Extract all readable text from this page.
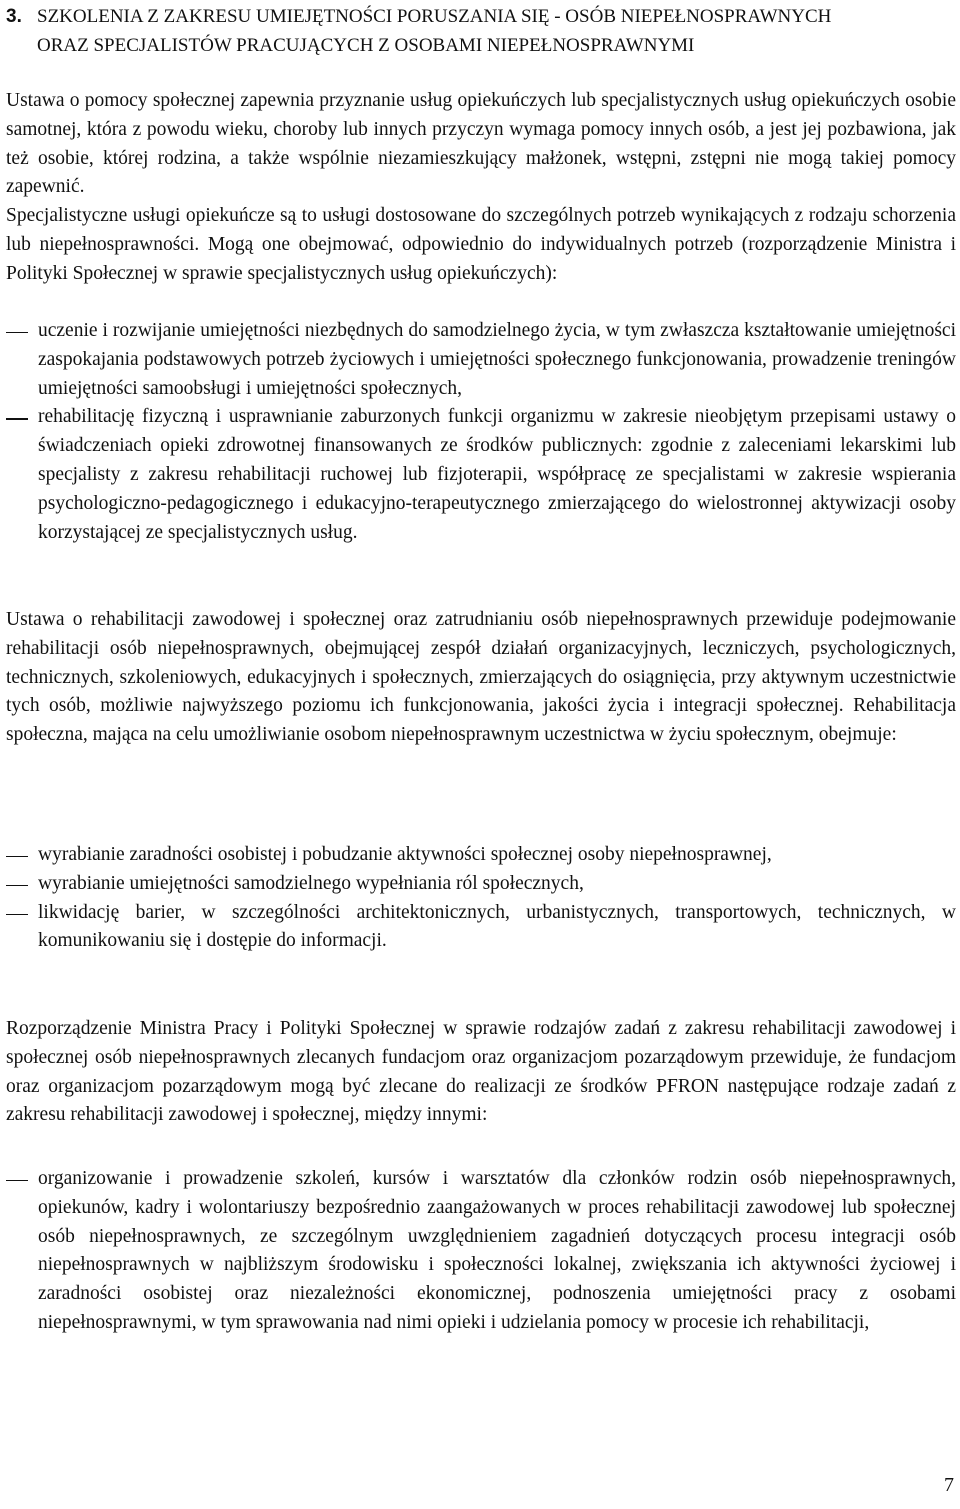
3. SZKOLENIA Z ZAKRESU UMIEJĘTNOŚCI PORUSZANIA SIĘ - OSÓB NIEPEŁNOSPRAWNYCH
ORAZ SPECJALISTÓW PRACUJĄCYCH Z OSOBAMI NIEPEŁNOSPRAWNYMI
Ustawa o pomocy społecznej zapewnia przyznanie usług opiekuńczych lub specjalistycznych usług opiekuńczych osobie samotnej, która z powodu wieku, choroby lub innych przyczyn wymaga pomocy innych osób, a jest jej pozbawiona, jak też osobie, której rodzina, a także wspólnie niezamieszkujący małżonek, wstępni, zstępni nie mogą takiej pomocy zapewnić.
Specjalistyczne usługi opiekuńcze są to usługi dostosowane do szczególnych potrzeb wynikających z rodzaju schorzenia lub niepełnosprawności. Mogą one obejmować, odpowiednio do indywidualnych potrzeb (rozporządzenie Ministra i Polityki Społecznej w sprawie specjalistycznych usług opiekuńczych):
uczenie i rozwijanie umiejętności niezbędnych do samodzielnego życia, w tym zwłaszcza kształtowanie umiejętności zaspokajania podstawowych potrzeb życiowych i umiejętności społecznego funkcjonowania, prowadzenie treningów umiejętności samoobsługi i umiejętności społecznych,
rehabilitację fizyczną i usprawnianie zaburzonych funkcji organizmu w zakresie nieobjętym przepisami ustawy o świadczeniach opieki zdrowotnej finansowanych ze środków publicznych: zgodnie z zaleceniami lekarskimi lub specjalisty z zakresu rehabilitacji ruchowej lub fizjoterapii, współpracę ze specjalistami w zakresie wspierania psychologiczno-pedagogicznego i edukacyjno-terapeutycznego zmierzającego do wielostronnej aktywizacji osoby korzystającej ze specjalistycznych usług.
Ustawa o rehabilitacji zawodowej i społecznej oraz zatrudnianiu osób niepełnosprawnych przewiduje podejmowanie rehabilitacji osób niepełnosprawnych, obejmującej zespół działań organizacyjnych, leczniczych, psychologicznych, technicznych, szkoleniowych, edukacyjnych i społecznych, zmierzających do osiągnięcia, przy aktywnym uczestnictwie tych osób, możliwie najwyższego poziomu ich funkcjonowania, jakości życia i integracji społecznej. Rehabilitacja społeczna, mająca na celu umożliwianie osobom niepełnosprawnym uczestnictwa w życiu społecznym, obejmuje:
wyrabianie zaradności osobistej i pobudzanie aktywności społecznej osoby niepełnosprawnej,
wyrabianie umiejętności samodzielnego wypełniania ról społecznych,
likwidację barier, w szczególności architektonicznych, urbanistycznych, transportowych, technicznych, w komunikowaniu się i dostępie do informacji.
Rozporządzenie Ministra Pracy i Polityki Społecznej w sprawie rodzajów zadań z zakresu rehabilitacji zawodowej i społecznej osób niepełnosprawnych zlecanych fundacjom oraz organizacjom pozarządowym przewiduje, że fundacjom oraz organizacjom pozarządowym mogą być zlecane do realizacji ze środków PFRON następujące rodzaje zadań z zakresu rehabilitacji zawodowej i społecznej, między innymi:
organizowanie i prowadzenie szkoleń, kursów i warsztatów dla członków rodzin osób niepełnosprawnych, opiekunów, kadry i wolontariuszy bezpośrednio zaangażowanych w proces rehabilitacji zawodowej lub społecznej osób niepełnosprawnych, ze szczególnym uwzględnieniem zagadnień dotyczących procesu integracji osób niepełnosprawnych w najbliższym środowisku i społeczności lokalnej, zwiększania ich aktywności życiowej i zaradności osobistej oraz niezależności ekonomicznej, podnoszenia umiejętności pracy z osobami niepełnosprawnymi, w tym sprawowania nad nimi opieki i udzielania pomocy w procesie ich rehabilitacji,
7
